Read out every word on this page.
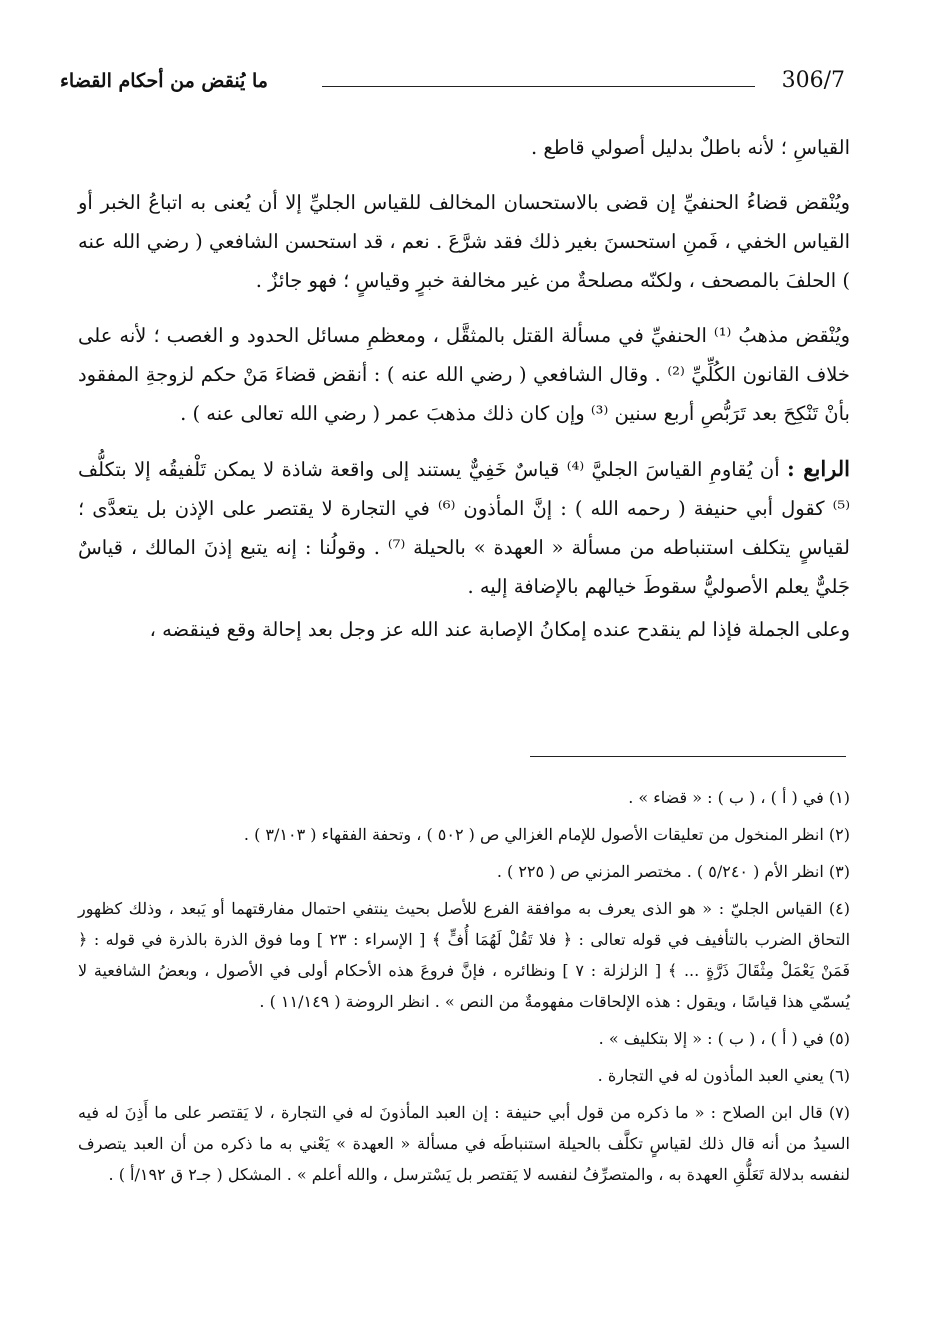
ما يُنقض من أحكام القضاء	306/7

القياسِ ؛ لأنه باطلٌ بدليل أصولي قاطع .

ويُنْقض قضاءُ الحنفيِّ إن قضى بالاستحسان المخالف للقياس الجليِّ إلا أن يُعنى به اتباعُ الخبر أو القياس الخفي ، فَمنِ استحسنَ بغير ذلك فقد شرَّعَ . نعم ، قد استحسن الشافعي ( رضي الله عنه ) الحلفَ بالمصحف ، ولكنّه مصلحةٌ من غير مخالفة خبرٍ وقياسٍ ؛ فهو جائزٌ .

ويُنْقض مذهبُ ⁽¹⁾ الحنفيِّ في مسألة القتل بالمثقَّل ، ومعظمِ مسائل الحدود و الغصب ؛ لأنه على خلاف القانون الكُلِّيِّ ⁽²⁾ . وقال الشافعي ( رضي الله عنه ) : أنقض قضاءَ مَنْ حكم لزوجةِ المفقود بأنْ تَنْكِحَ بعد تَرَبُّصِ أربع سنين ⁽³⁾ وإن كان ذلك مذهبَ عمر ( رضي الله تعالى عنه ) .

الرابع : أن يُقاومِ القياسَ الجليَّ ⁽⁴⁾ قياسٌ خَفِيٌّ يستند إلى واقعة شاذة لا يمكن تَلْفيقُه إلا بتكلُّف ⁽⁵⁾ كقول أبي حنيفة ( رحمه الله ) : إنَّ المأذون ⁽⁶⁾ في التجارة لا يقتصر على الإذن بل يتعدَّى ؛ لقياسٍ يتكلف استنباطه من مسألة « العهدة » بالحيلة ⁽⁷⁾ . وقولُنا : إنه يتبع إذنَ المالك ، قياسٌ جَليٌّ يعلم الأصوليُّ سقوطَ خيالهم بالإضافة إليه .

وعلى الجملة فإذا لم ينقدح عنده إمكانُ الإصابة عند الله عز وجل بعد إحالة وقع فينقضه ،

(١) في ( أ ) ، ( ب ) : « قضاء » .
(٢) انظر المنخول من تعليقات الأصول للإمام الغزالي ص ( ٥٠٢ ) ، وتحفة الفقهاء ( ٣/١٠٣ ) .
(٣) انظر الأم ( ٥/٢٤٠ ) . مختصر المزني ص ( ٢٢٥ ) .
(٤) القياس الجليّ : « هو الذى يعرف به موافقة الفرع للأصل بحيث ينتفي احتمال مفارقتهما أو يَبعد ، وذلك كظهور التحاق الضرب بالتأفيف في قوله تعالى : ﴿ فلا تَقُلْ لَهُمَا أُفٍّ ﴾ [ الإسراء : ٢٣ ] وما فوق الذرة بالذرة في قوله : ﴿ فَمَنْ يَعْمَلْ مِثْقَالَ ذَرَّةٍ ... ﴾ [ الزلزلة : ٧ ] ونظائره ، فإنَّ فروعَ هذه الأحكام أولى في الأصول ، وبعضُ الشافعية لا يُسمّي هذا قياسًا ، ويقول : هذه الإلحاقات مفهومةٌ من النص » . انظر الروضة ( ١١/١٤٩ ) .
(٥) في ( أ ) ، ( ب ) : « إلا بتكليف » .
(٦) يعني العبد المأذون له في التجارة .
(٧) قال ابن الصلاح : « ما ذكره من قول أبي حنيفة : إن العبد المأذونَ له في التجارة ، لا يَقتصر على ما أَذِنَ له فيه السيدُ من أنه قال ذلك لقياسٍ تكلَّف بالحيلة استنباطَه في مسألة « العهدة » يَعْني به ما ذكره من أن العبد يتصرف لنفسه بدلالة تَعَلُّقِ العهدة به ، والمتصرِّفُ لنفسه لا يَقتصر بل يَسْترسل ، والله أعلم » . المشكل ( جـ٢ ق ١٩٢/أ ) .
